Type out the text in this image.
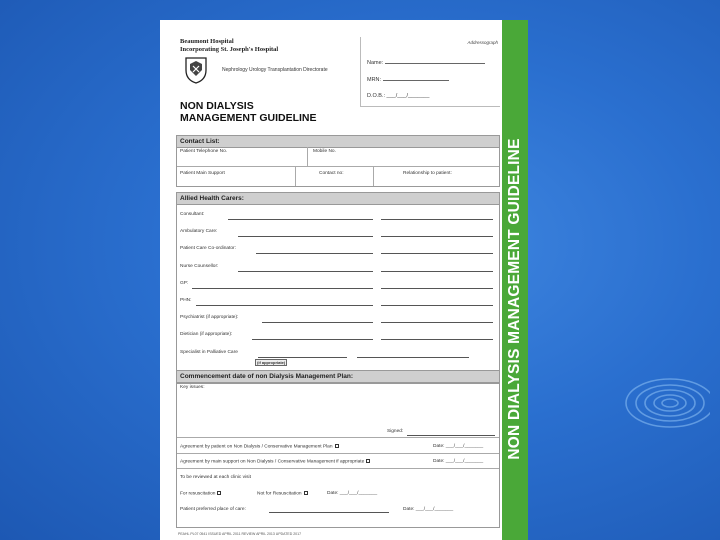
NON DIALYSIS MANAGEMENT GUIDELINE
Beaumont Hospital
Incorporating St. Joseph's Hospital
Nephrology Urology Transplantation Directorate
NON DIALYSIS
MANAGEMENT GUIDELINE
Addressograph
Name:
MRN:
D.O.B.: ___/___/_______
Contact List:
Patient Telephone No.	Mobile No.
Patient Main Support	Contact no:	Relationship to patient:
Allied Health Carers:
Consultant:
Ambulatory Care:
Patient Care Co-ordinator:
Nurse Counsellor:
GP:
PHN:
Psychiatrist (if appropriate):
Dietician (if appropriate):
Specialist in Palliative Care
(if appropriate)
Commencement date of non Dialysis Management Plan:
Key issues:
Signed:
Agreement by patient on Non Dialysis / Conservative Management Plan	Date: ___/___/_______
Agreement by main support on Non Dialysis / Conservative Management if appropriate	Date: ___/___/_______
To be reviewed at each clinic visit
For resuscitation	Not for Resuscitation	Date: ___/___/_______
Patient preferred place of care:	Date: ___/___/_______
PEAHL PL07 0541 ISSUED APRIL 2011 REVIEW APRIL 2013 UPDATED 2017
